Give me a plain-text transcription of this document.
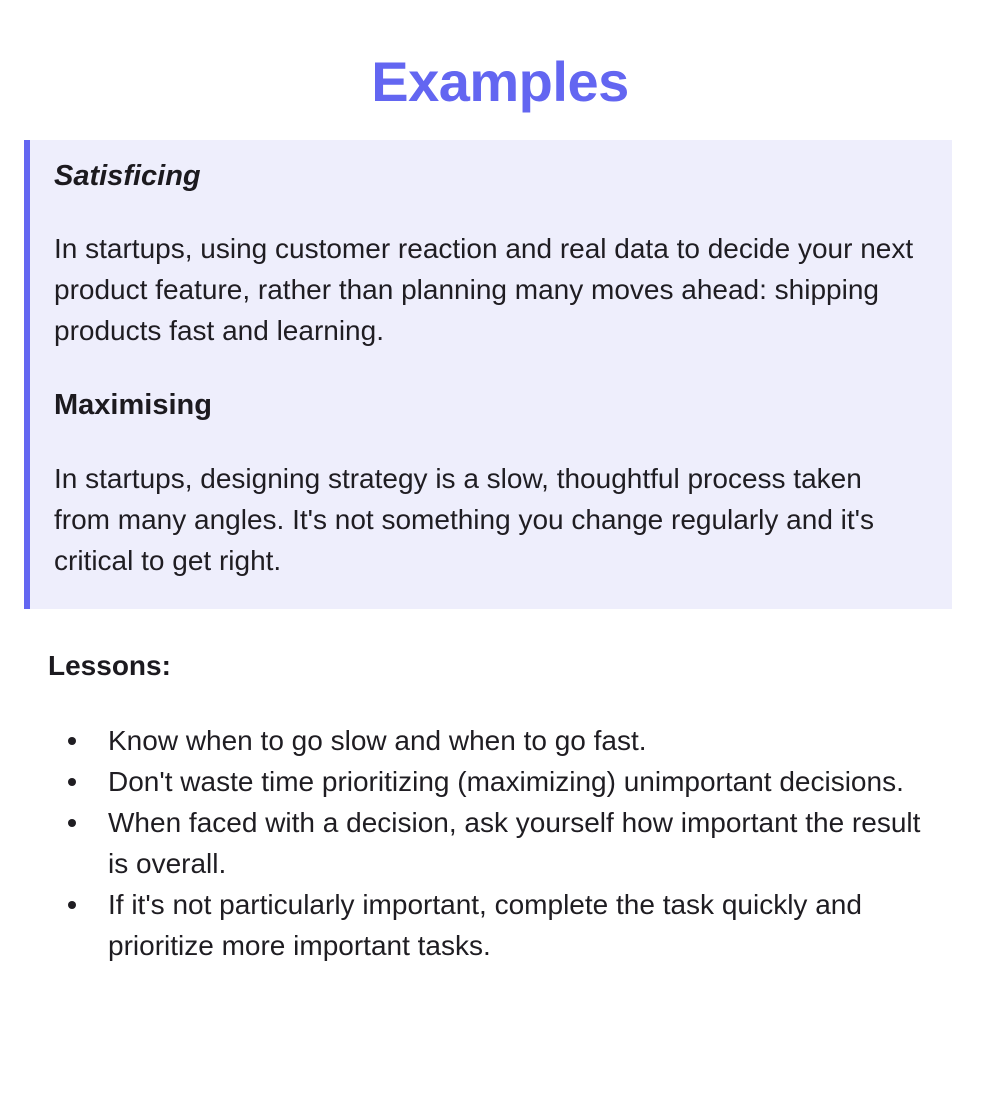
Examples

Satisficing

In startups, using customer reaction and real data to decide your next product feature, rather than planning many moves ahead: shipping products fast and learning.

Maximising

In startups, designing strategy is a slow, thoughtful process taken from many angles. It's not something you change regularly and it's critical to get right.

Lessons:

Know when to go slow and when to go fast.
Don't waste time prioritizing (maximizing) unimportant decisions.
When faced with a decision, ask yourself how important the result is overall.
If it's not particularly important, complete the task quickly and prioritize more important tasks.
